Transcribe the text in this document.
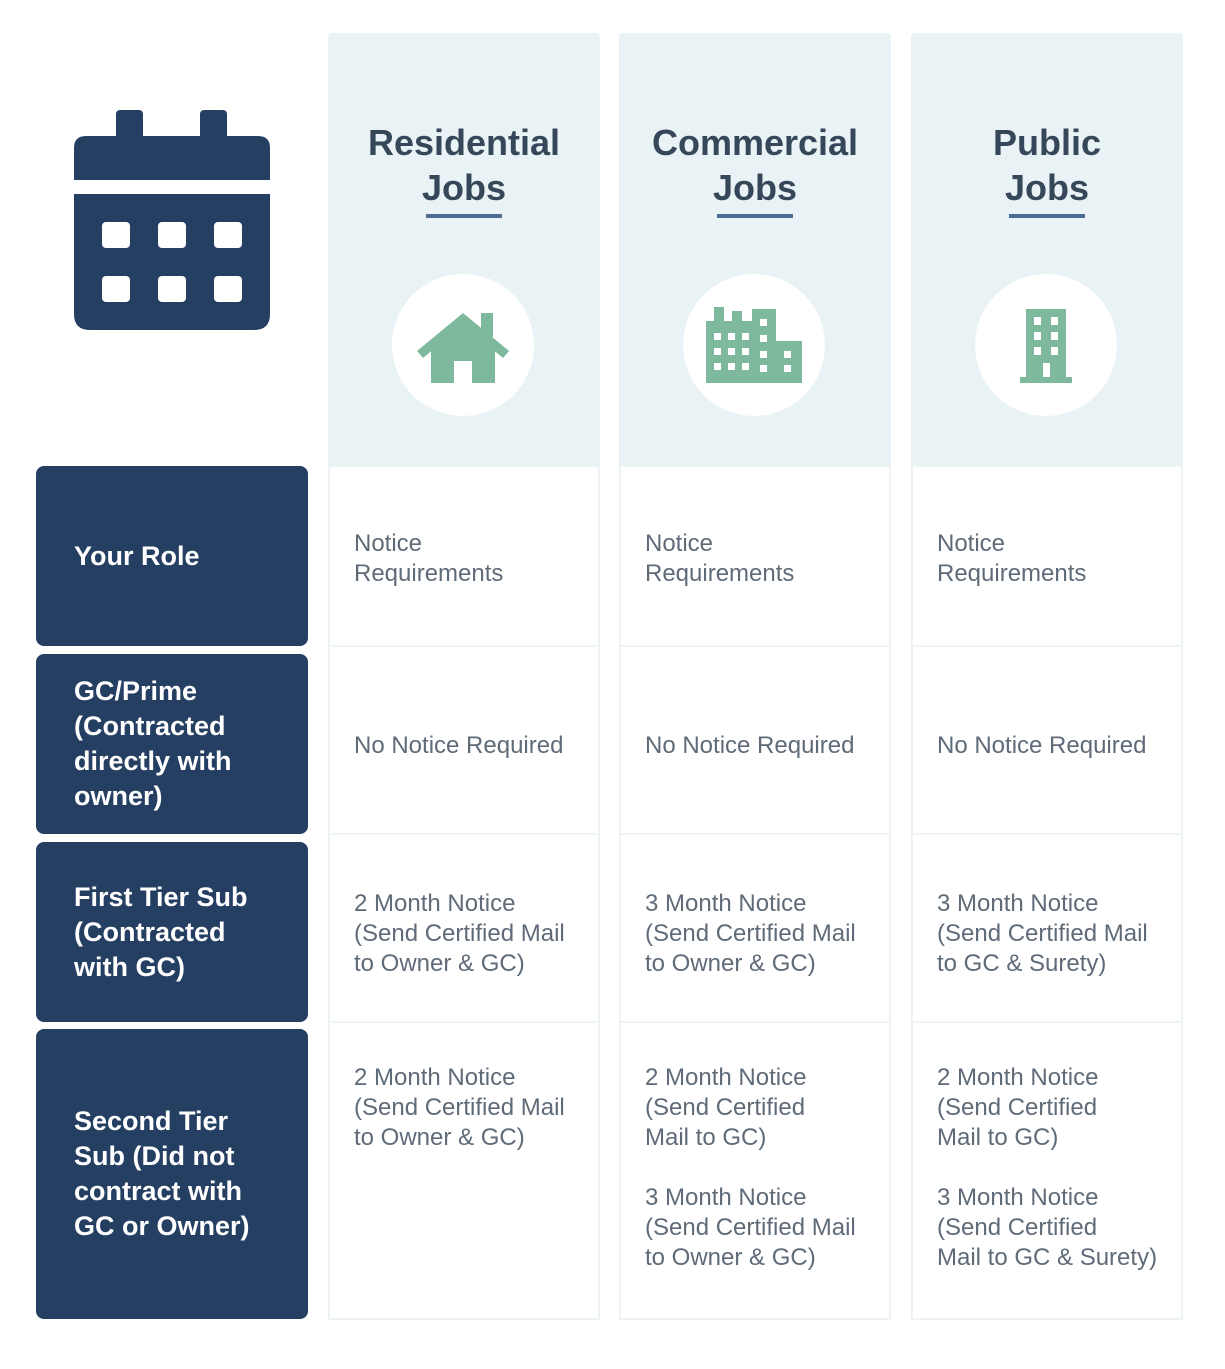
Residential
Jobs
Commercial
Jobs
Public
Jobs
Your Role
GC/Prime
(Contracted
directly with
owner)
First Tier Sub
(Contracted
with GC)
Second Tier
Sub (Did not
contract with
GC or Owner)
Notice
Requirements
Notice
Requirements
Notice
Requirements
No Notice Required	No Notice Required	No Notice Required
2 Month Notice
(Send Certified Mail
to Owner & GC)
3 Month Notice
(Send Certified Mail
to Owner & GC)
3 Month Notice
(Send Certified Mail
to GC & Surety)
2 Month Notice
(Send Certified Mail
to Owner & GC)
2 Month Notice
(Send Certified
Mail to GC)

3 Month Notice
(Send Certified Mail
to Owner & GC)
2 Month Notice
(Send Certified
Mail to GC)

3 Month Notice
(Send Certified
Mail to GC & Surety)
